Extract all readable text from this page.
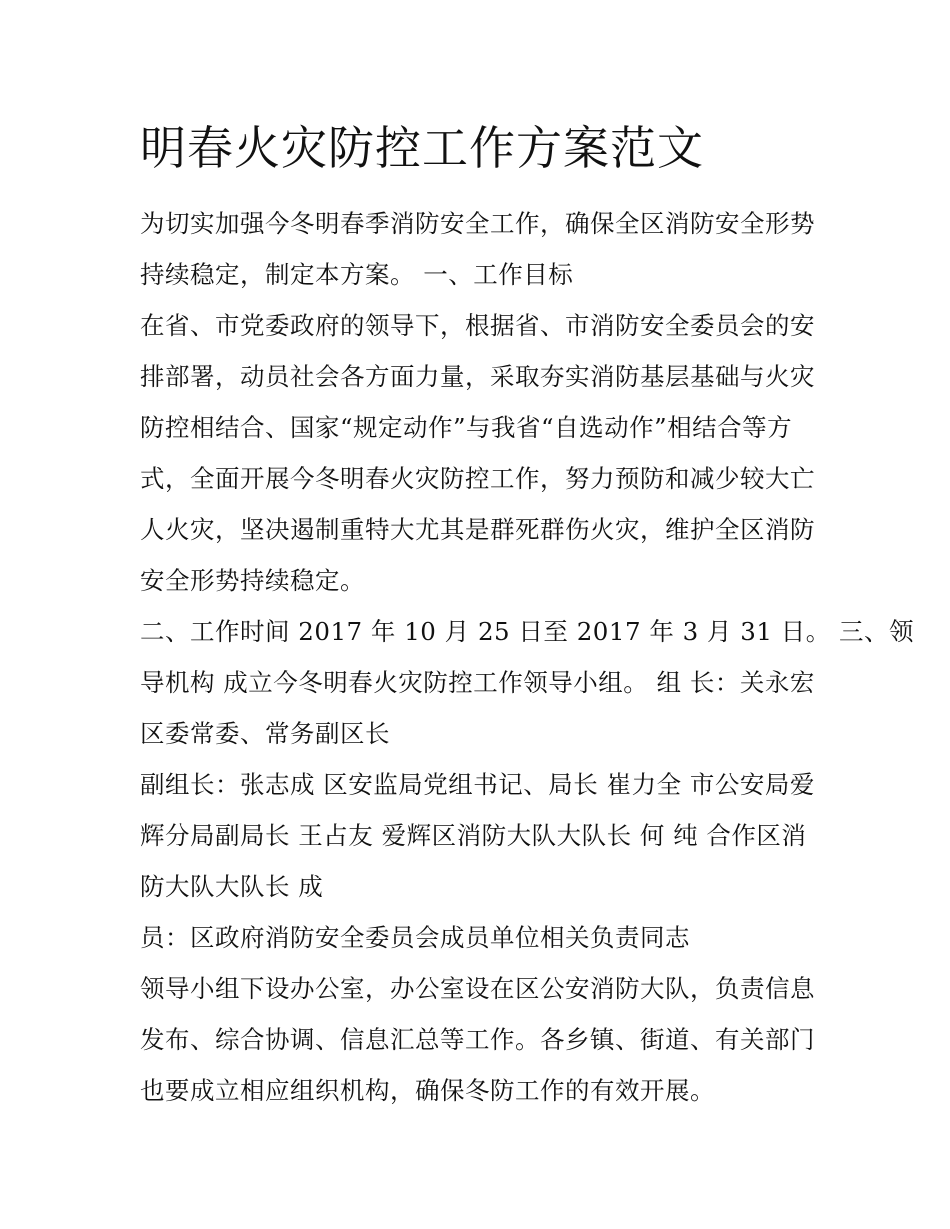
明春火灾防控工作方案范文

为切实加强今冬明春季消防安全工作，确保全区消防安全形势

持续稳定，制定本方案。 一、工作目标

在省、市党委政府的领导下，根据省、市消防安全委员会的安

排部署，动员社会各方面力量，采取夯实消防基层基础与火灾

防控相结合、国家“规定动作”与我省“自选动作”相结合等方

式，全面开展今冬明春火灾防控工作，努力预防和减少较大亡

人火灾，坚决遏制重特大尤其是群死群伤火灾，维护全区消防

安全形势持续稳定。

二、工作时间 2017 年 10 月 25 日至 2017 年 3 月 31 日。 三、领

导机构 成立今冬明春火灾防控工作领导小组。 组 长：关永宏

区委常委、常务副区长

副组长：张志成 区安监局党组书记、局长 崔力全 市公安局爱

辉分局副局长 王占友 爱辉区消防大队大队长 何 纯 合作区消

防大队大队长 成

员：区政府消防安全委员会成员单位相关负责同志

领导小组下设办公室，办公室设在区公安消防大队，负责信息

发布、综合协调、信息汇总等工作。各乡镇、街道、有关部门

也要成立相应组织机构，确保冬防工作的有效开展。
